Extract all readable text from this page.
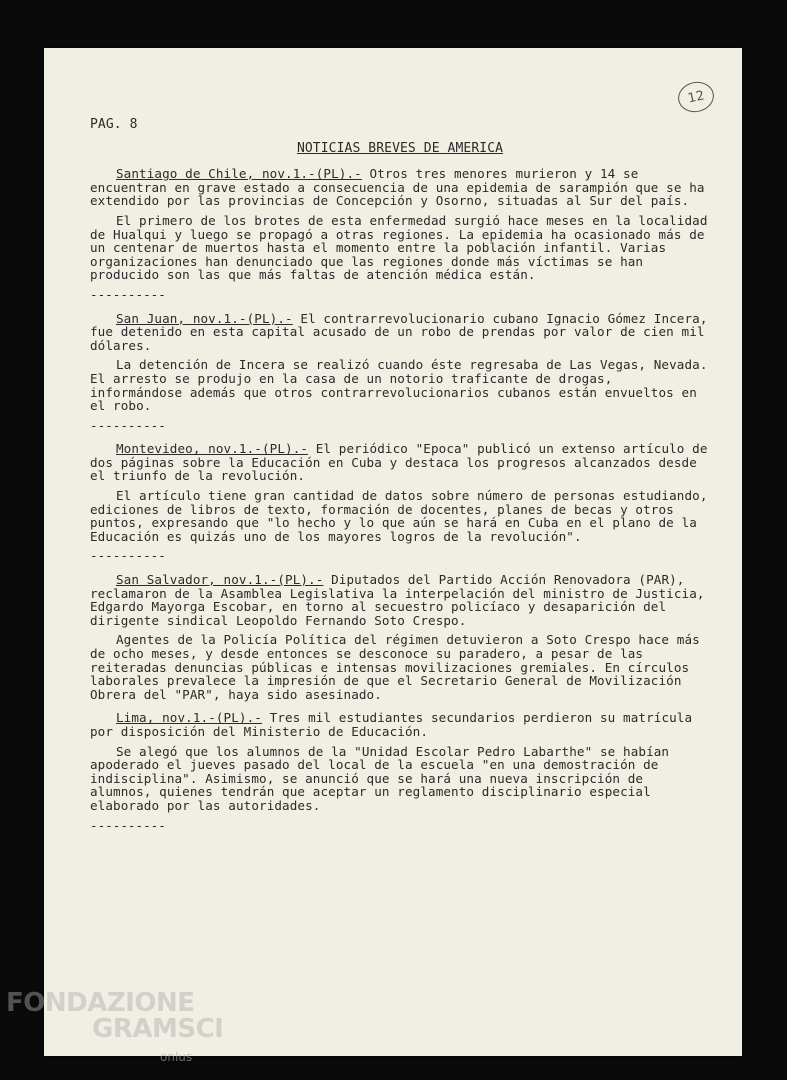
12
PAG. 8
NOTICIAS BREVES DE AMERICA

Santiago de Chile, nov.1.-(PL).- Otros tres menores murieron y 14 se encuentran en grave estado a consecuencia de una epidemia de sarampión que se ha extendido por las provincias de Concepción y Osorno, situadas al Sur del país.

El primero de los brotes de esta enfermedad surgió hace meses en la localidad de Hualqui y luego se propagó a otras regiones. La epidemia ha ocasionado más de un centenar de muertos hasta el momento entre la población infantil. Varias organizaciones han denunciado que las regiones donde más víctimas se han producido son las que más faltas de atención médica están.

----------

San Juan, nov.1.-(PL).- El contrarrevolucionario cubano Ignacio Gómez Incera, fue detenido en esta capital acusado de un robo de prendas por valor de cien mil dólares.

La detención de Incera se realizó cuando éste regresaba de Las Vegas, Nevada. El arresto se produjo en la casa de un notorio traficante de drogas, informándose además que otros contrarrevolucionarios cubanos están envueltos en el robo.

----------

Montevideo, nov.1.-(PL).- El periódico "Epoca" publicó un extenso artículo de dos páginas sobre la Educación en Cuba y destaca los progresos alcanzados desde el triunfo de la revolución.

El artículo tiene gran cantidad de datos sobre número de personas estudiando, ediciones de libros de texto, formación de docentes, planes de becas y otros puntos, expresando que "lo hecho y lo que aún se hará en Cuba en el plano de la Educación es quizás uno de los mayores logros de la revolución".

----------

San Salvador, nov.1.-(PL).- Diputados del Partido Acción Renovadora (PAR), reclamaron de la Asamblea Legislativa la interpelación del ministro de Justicia, Edgardo Mayorga Escobar, en torno al secuestro policíaco y desaparición del dirigente sindical Leopoldo Fernando Soto Crespo.

Agentes de la Policía Política del régimen detuvieron a Soto Crespo hace más de ocho meses, y desde entonces se desconoce su paradero, a pesar de las reiteradas denuncias públicas e intensas movilizaciones gremiales. En círculos laborales prevalece la impresión de que el Secretario General de Movilización Obrera del "PAR", haya sido asesinado.

Lima, nov.1.-(PL).- Tres mil estudiantes secundarios perdieron su matrícula por disposición del Ministerio de Educación.

Se alegó que los alumnos de la "Unidad Escolar Pedro Labarthe" se habían apoderado el jueves pasado del local de la escuela "en una demostración de indisciplina". Asimismo, se anunció que se hará una nueva inscripción de alumnos, quienes tendrán que aceptar un reglamento disciplinario especial elaborado por las autoridades.

----------
FONDAZIONE
GRAMSCI
onlus
